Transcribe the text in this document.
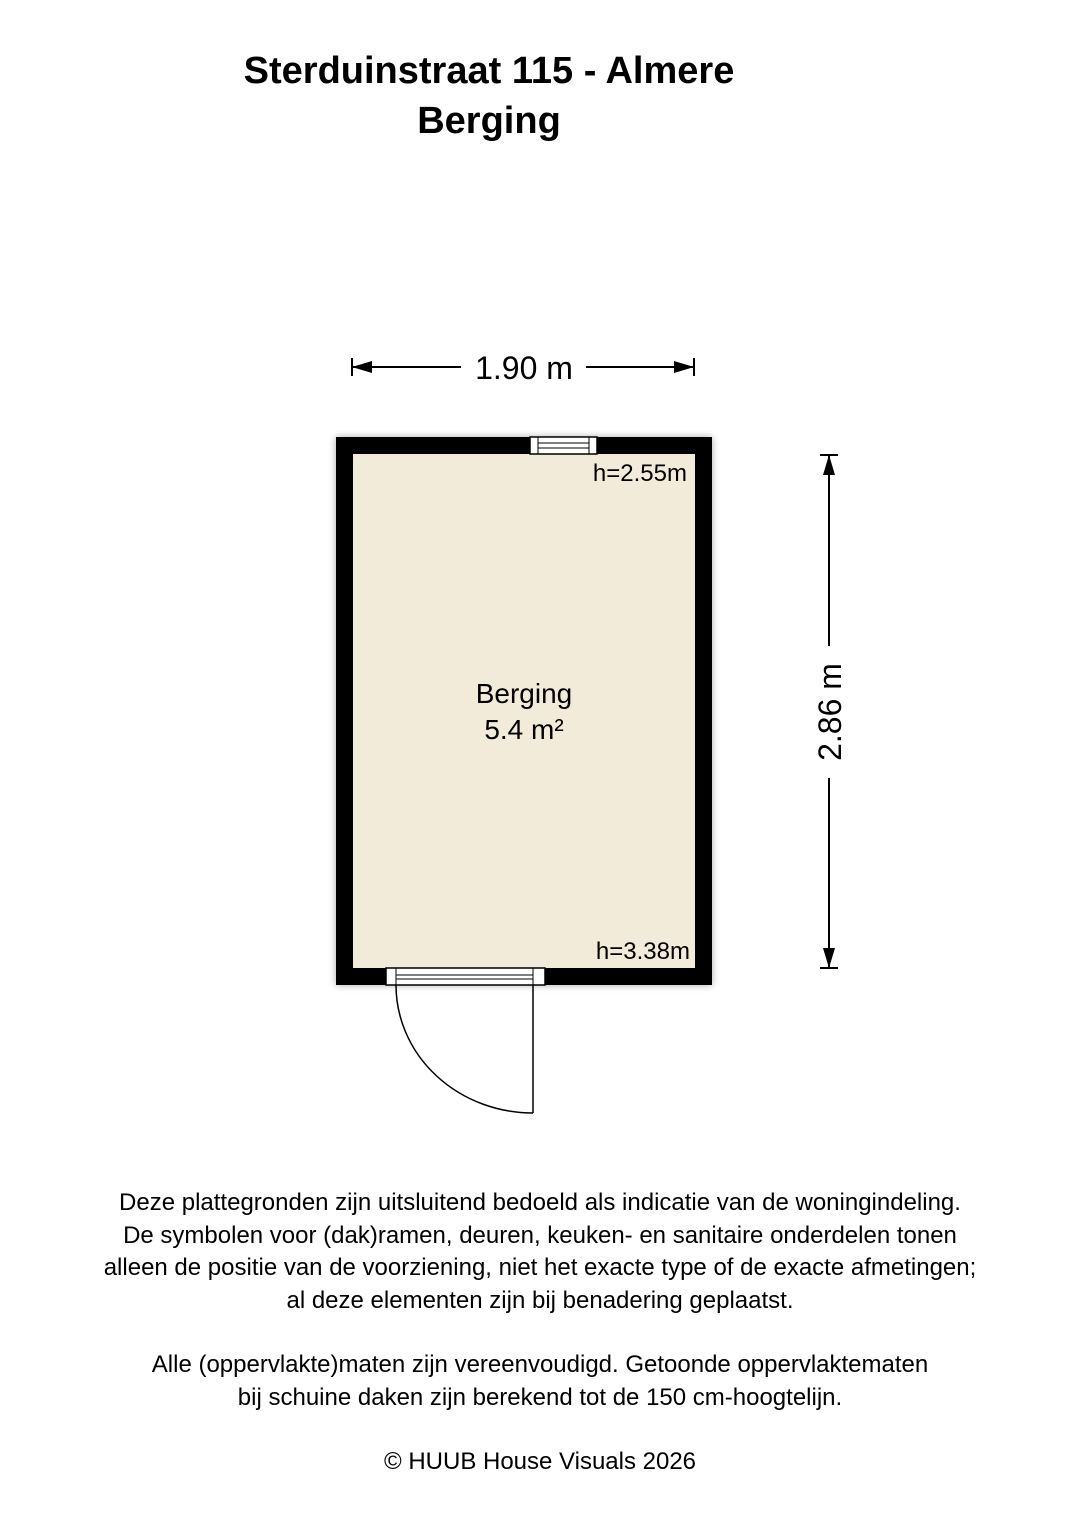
Sterduinstraat 115 - Almere
Berging
1.90 m
2.86 m
h=2.55m
h=3.38m
Berging
5.4 m²
Deze plattegronden zijn uitsluitend bedoeld als indicatie van de woningindeling.
De symbolen voor (dak)ramen, deuren, keuken- en sanitaire onderdelen tonen
alleen de positie van de voorziening, niet het exacte type of de exacte afmetingen;
al deze elementen zijn bij benadering geplaatst.
Alle (oppervlakte)maten zijn vereenvoudigd. Getoonde oppervlaktematen
bij schuine daken zijn berekend tot de 150 cm-hoogtelijn.
© HUUB House Visuals 2026
